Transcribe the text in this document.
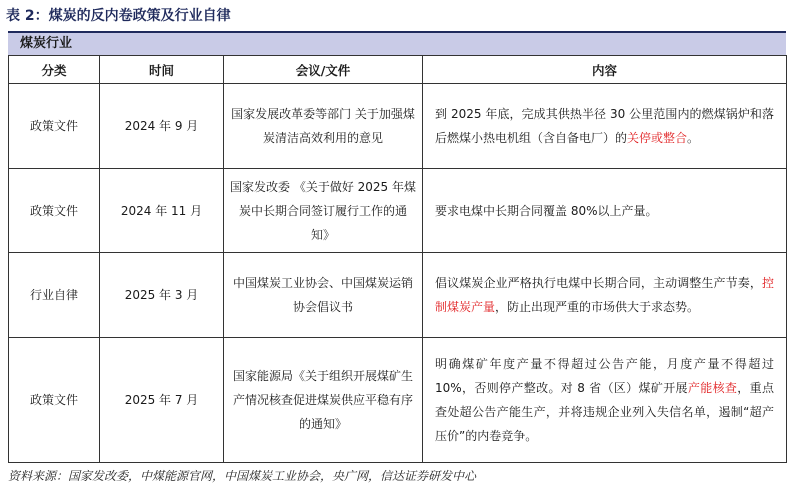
表 2：煤炭的反内卷政策及行业自律
煤炭行业
分类	时间	会议/文件	内容
政策文件	2024 年 9 月	国家发展改革委等部门 关于加强煤炭清洁高效利用的意见	到 2025 年底，完成其供热半径 30 公里范围内的燃煤锅炉和落后燃煤小热电机组（含自备电厂）的关停或整合。
政策文件	2024 年 11 月	国家发改委 《关于做好 2025 年煤炭中长期合同签订履行工作的通知》	要求电煤中长期合同覆盖 80%以上产量。
行业自律	2025 年 3 月	中国煤炭工业协会、中国煤炭运销协会倡议书	倡议煤炭企业严格执行电煤中长期合同，主动调整生产节奏，控制煤炭产量，防止出现严重的市场供大于求态势。
政策文件	2025 年 7 月	国家能源局《关于组织开展煤矿生产情况核查促进煤炭供应平稳有序的通知》	明确煤矿年度产量不得超过公告产能，月度产量不得超过 10%，否则停产整改。对 8 省（区）煤矿开展产能核查，重点查处超公告产能生产，并将违规企业列入失信名单，遏制“超产压价”的内卷竞争。
资料来源：国家发改委，中煤能源官网，中国煤炭工业协会，央广网，信达证券研发中心
